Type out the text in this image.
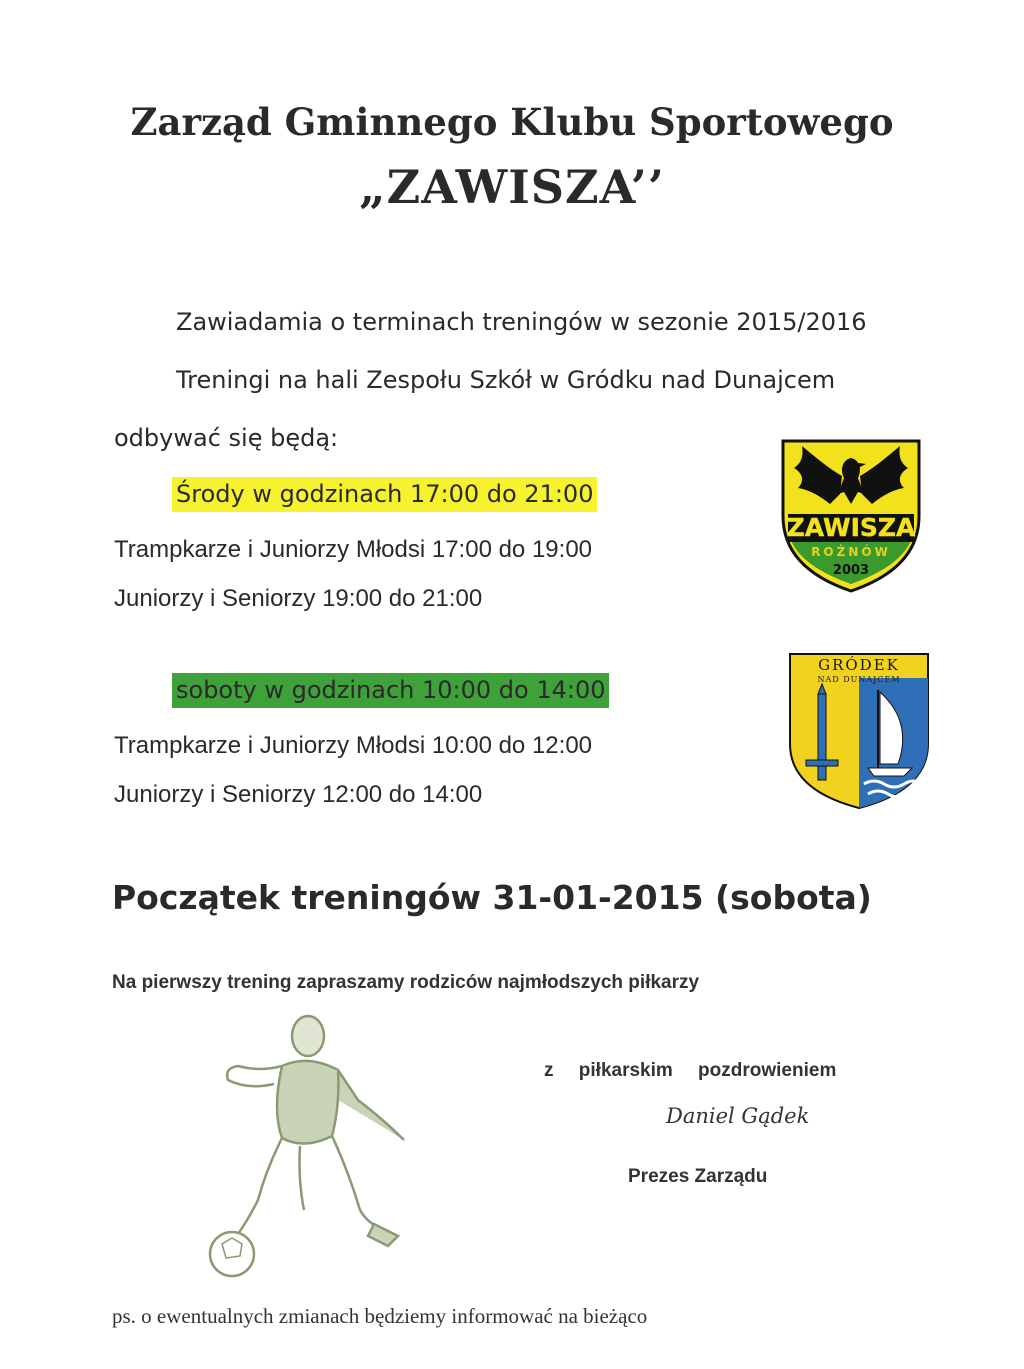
Zarząd Gminnego Klubu Sportowego
„ZAWISZA’’
Zawiadamia o terminach treningów w sezonie 2015/2016
Treningi na hali Zespołu Szkół w Gródku nad Dunajcem
odbywać się będą:
Środy w godzinach 17:00 do 21:00
Trampkarze i Juniorzy Młodsi 17:00 do 19:00
Juniorzy i Seniorzy 19:00 do 21:00
soboty w godzinach 10:00 do 14:00
Trampkarze i Juniorzy Młodsi 10:00 do 12:00
Juniorzy i Seniorzy 12:00 do 14:00
ZAWISZA
ROŻNÓW
2003
GRÓDEK
NAD DUNAJCEM
Początek treningów 31-01-2015 (sobota)
Na pierwszy trening zapraszamy rodziców najmłodszych piłkarzy
z piłkarskim pozdrowieniem
Daniel Gądek
Prezes Zarządu
ps. o ewentualnych zmianach będziemy informować na bieżąco
